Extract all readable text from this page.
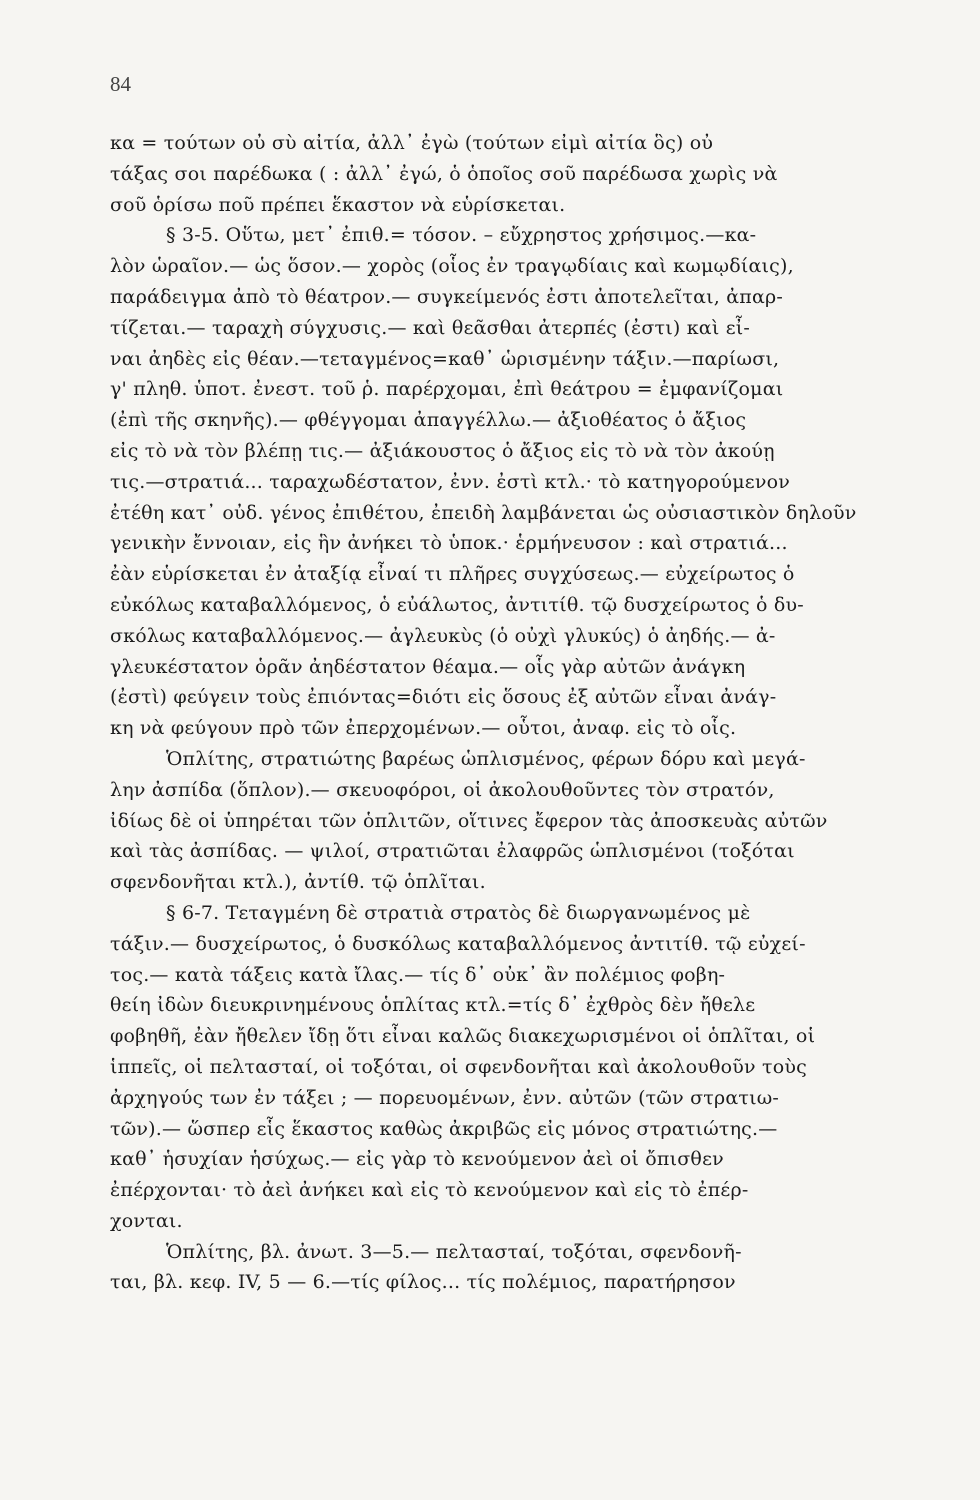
84
κα = τούτων οὐ σὺ αἰτία, ἀλλ᾽ ἐγὼ (τούτων εἰμὶ αἰτία ὃς) οὐ
τάξας σοι παρέδωκα ( : ἀλλ᾽ ἐγώ, ὁ ὁποῖος σοῦ παρέδωσα χωρὶς νὰ
σοῦ ὁρίσω ποῦ πρέπει ἕκαστον νὰ εὑρίσκεται.
§ 3-5. Οὕτω, μετ᾽ ἐπιθ.= τόσον. – εὔχρηστος χρήσιμος.—κα-
λὸν ὡραῖον.— ὡς ὅσον.— χορὸς (οἷος ἐν τραγῳδίαις καὶ κωμῳδίαις),
παράδειγμα ἀπὸ τὸ θέατρον.— συγκείμενός ἐστι ἀποτελεῖται, ἀπαρ-
τίζεται.— ταραχὴ σύγχυσις.— καὶ θεᾶσθαι ἀτερπές (ἐστι) καὶ εἶ-
ναι ἀηδὲς εἰς θέαν.—τεταγμένος=καθ᾽ ὡρισμένην τάξιν.—παρίωσι,
γ' πληθ. ὑποτ. ἐνεστ. τοῦ ῥ. παρέρχομαι, ἐπὶ θεάτρου = ἐμφανίζομαι
(ἐπὶ τῆς σκηνῆς).— φθέγγομαι ἀπαγγέλλω.— ἀξιοθέατος ὁ ἄξιος
εἰς τὸ νὰ τὸν βλέπῃ τις.— ἀξιάκουστος ὁ ἄξιος εἰς τὸ νὰ τὸν ἀκούῃ
τις.—στρατιά... ταραχωδέστατον, ἐνν. ἐστὶ κτλ.· τὸ κατηγορούμενον
ἐτέθη κατ᾽ οὐδ. γένος ἐπιθέτου, ἐπειδὴ λαμβάνεται ὡς οὐσιαστικὸν δηλοῦν
γενικὴν ἔννοιαν, εἰς ἣν ἀνήκει τὸ ὑποκ.· ἑρμήνευσον : καὶ στρατιά...
ἐὰν εὑρίσκεται ἐν ἀταξίᾳ εἶναί τι πλῆρες συγχύσεως.— εὐχείρωτος ὁ
εὐκόλως καταβαλλόμενος, ὁ εὐάλωτος, ἀντιτίθ. τῷ δυσχείρωτος ὁ δυ-
σκόλως καταβαλλόμενος.— ἀγλευκὺς (ὁ οὐχὶ γλυκύς) ὁ ἀηδής.— ἀ-
γλευκέστατον ὁρᾶν ἀηδέστατον θέαμα.— οἷς γὰρ αὐτῶν ἀνάγκη
(ἐστὶ) φεύγειν τοὺς ἐπιόντας=διότι εἰς ὅσους ἐξ αὐτῶν εἶναι ἀνάγ-
κη νὰ φεύγουν πρὸ τῶν ἐπερχομένων.— οὗτοι, ἀναφ. εἰς τὸ οἷς.
Ὁπλίτης, στρατιώτης βαρέως ὡπλισμένος, φέρων δόρυ καὶ μεγά-
λην ἀσπίδα (ὅπλον).— σκευοφόροι, οἱ ἀκολουθοῦντες τὸν στρατόν,
ἰδίως δὲ οἱ ὑπηρέται τῶν ὁπλιτῶν, οἵτινες ἔφερον τὰς ἀποσκευὰς αὐτῶν
καὶ τὰς ἀσπίδας. — ψιλοί, στρατιῶται ἐλαφρῶς ὡπλισμένοι (τοξόται
σφενδονῆται κτλ.), ἀντίθ. τῷ ὁπλῖται.
§ 6-7. Τεταγμένη δὲ στρατιὰ στρατὸς δὲ διωργανωμένος μὲ
τάξιν.— δυσχείρωτος, ὁ δυσκόλως καταβαλλόμενος ἀντιτίθ. τῷ εὐχεί-
τος.— κατὰ τάξεις κατὰ ἴλας.— τίς δ᾽ οὐκ᾽ ἂν πολέμιος φοβη-
θείη ἰδὼν διευκρινημένους ὁπλίτας κτλ.=τίς δ᾽ ἐχθρὸς δὲν ἤθελε
φοβηθῆ, ἐὰν ἤθελεν ἴδῃ ὅτι εἶναι καλῶς διακεχωρισμένοι οἱ ὁπλῖται, οἱ
ἱππεῖς, οἱ πελτασταί, οἱ τοξόται, οἱ σφενδονῆται καὶ ἀκολουθοῦν τοὺς
ἀρχηγούς των ἐν τάξει ; — πορευομένων, ἐνν. αὐτῶν (τῶν στρατιω-
τῶν).— ὥσπερ εἷς ἕκαστος καθὼς ἀκριβῶς εἰς μόνος στρατιώτης.—
καθ᾽ ἡσυχίαν ἡσύχως.— εἰς γὰρ τὸ κενούμενον ἀεὶ οἱ ὄπισθεν
ἐπέρχονται· τὸ ἀεὶ ἀνήκει καὶ εἰς τὸ κενούμενον καὶ εἰς τὸ ἐπέρ-
χονται.
Ὁπλίτης, βλ. ἀνωτ. 3—5.— πελτασταί, τοξόται, σφενδονῆ-
ται, βλ. κεφ. IV, 5 — 6.—τίς φίλος... τίς πολέμιος, παρατήρησον
